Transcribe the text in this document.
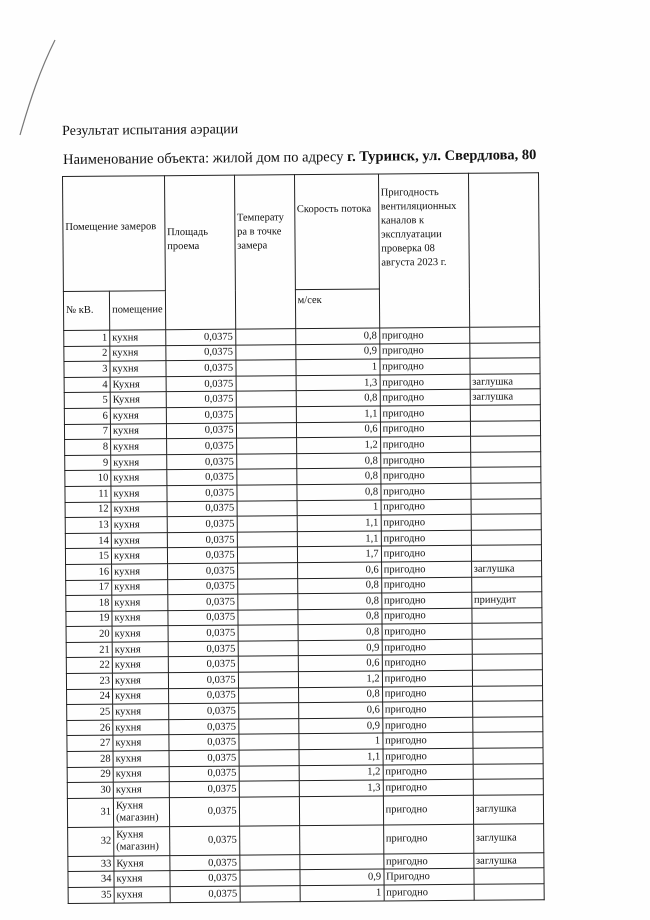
Результат испытания аэрации
Наименование объекта: жилой дом по адресу г. Туринск, ул. Свердлова, 80
Помещение замеров		Площадь проема	Температу ра в точке замера	Скорость потока	Пригодность вентиляционных каналов к эксплуатации проверка 08 августа 2023 г.	
№ кВ.	помещение			м/сек		
1	кухня	0,0375		0,8	пригодно	
2	кухня	0,0375		0,9	пригодно	
3	кухня	0,0375		1	пригодно	
4	Кухня	0,0375		1,3	пригодно	заглушка
5	Кухня	0,0375		0,8	пригодно	заглушка
6	кухня	0,0375		1,1	пригодно	
7	кухня	0,0375		0,6	пригодно	
8	кухня	0,0375		1,2	пригодно	
9	кухня	0,0375		0,8	пригодно	
10	кухня	0,0375		0,8	пригодно	
11	кухня	0,0375		0,8	пригодно	
12	кухня	0,0375		1	пригодно	
13	кухня	0,0375		1,1	пригодно	
14	кухня	0,0375		1,1	пригодно	
15	кухня	0,0375		1,7	пригодно	
16	кухня	0,0375		0,6	пригодно	заглушка
17	кухня	0,0375		0,8	пригодно	
18	кухня	0,0375		0,8	пригодно	принудит
19	кухня	0,0375		0,8	пригодно	
20	кухня	0,0375		0,8	пригодно	
21	кухня	0,0375		0,9	пригодно	
22	кухня	0,0375		0,6	пригодно	
23	кухня	0,0375		1,2	пригодно	
24	кухня	0,0375		0,8	пригодно	
25	кухня	0,0375		0,6	пригодно	
26	кухня	0,0375		0,9	пригодно	
27	кухня	0,0375		1	пригодно	
28	кухня	0,0375		1,1	пригодно	
29	кухня	0,0375		1,2	пригодно	
30	кухня	0,0375		1,3	пригодно	
31	Кухня (магазин)	0,0375			пригодно	заглушка
32	Кухня (магазин)	0,0375			пригодно	заглушка
33	Кухня	0,0375			пригодно	заглушка
34	кухня	0,0375		0,9	Пригодно	
35	кухня	0,0375		1	пригодно	
